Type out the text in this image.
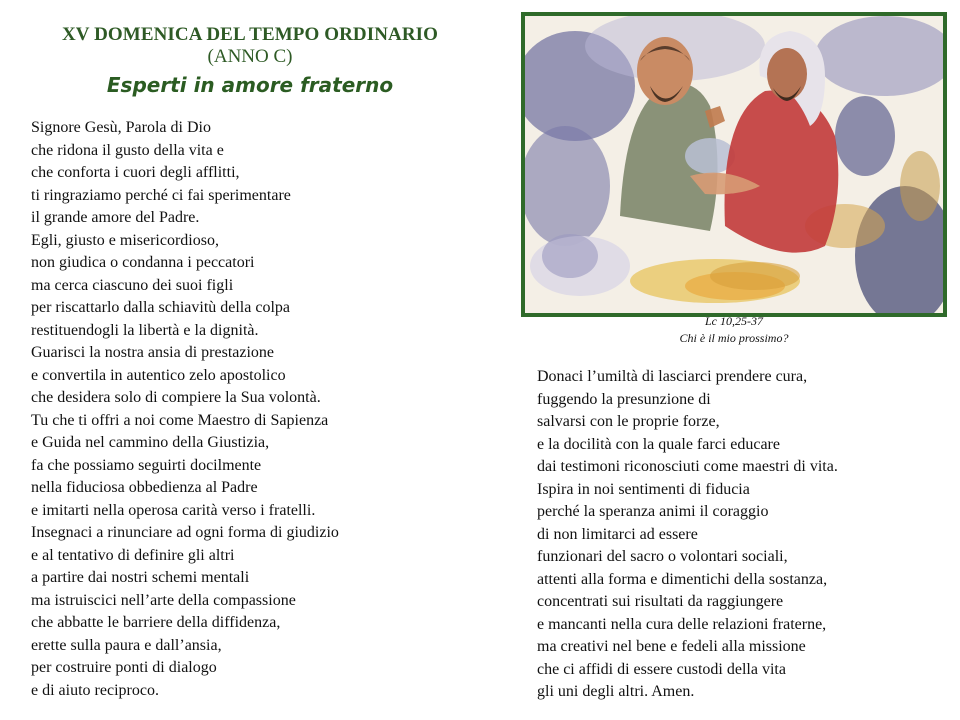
XV DOMENICA DEL TEMPO ORDINARIO
(ANNO C)
Esperti in amore fraterno
Signore Gesù, Parola di Dio
che ridona il gusto della vita e
che conforta i cuori degli afflitti,
ti ringraziamo perché ci fai sperimentare
il grande amore del Padre.
Egli, giusto e misericordioso,
non giudica o condanna i peccatori
ma cerca ciascuno dei suoi figli
per riscattarlo dalla schiavitù della colpa
restituendogli la libertà e la dignità.
Guarisci la nostra ansia di prestazione
e convertila in autentico zelo apostolico
che desidera solo di compiere la Sua volontà.
Tu che ti offri a noi come Maestro di Sapienza
e Guida nel cammino della Giustizia,
fa che possiamo seguirti docilmente
nella fiduciosa obbedienza al Padre
e imitarti nella operosa carità verso i fratelli.
Insegnaci a rinunciare ad ogni forma di giudizio
e al tentativo di definire gli altri
a partire dai nostri schemi mentali
ma istruiscici nell’arte della compassione
che abbatte le barriere della diffidenza,
erette sulla paura e dall’ansia,
per costruire ponti di dialogo
e di aiuto reciproco.
Lc 10,25-37
Chi è il mio prossimo?
Donaci l’umiltà di lasciarci prendere cura,
fuggendo la presunzione di
salvarsi con le proprie forze,
e la docilità con la quale farci educare
dai testimoni riconosciuti come maestri di vita.
Ispira in noi sentimenti di fiducia
perché la speranza animi il coraggio
di non limitarci ad essere
funzionari del sacro o volontari sociali,
attenti alla forma e dimentichi della sostanza,
concentrati sui risultati da raggiungere
e mancanti nella cura delle relazioni fraterne,
ma creativi nel bene e fedeli alla missione
che ci affidi di essere custodi della vita
gli uni degli altri. Amen.
